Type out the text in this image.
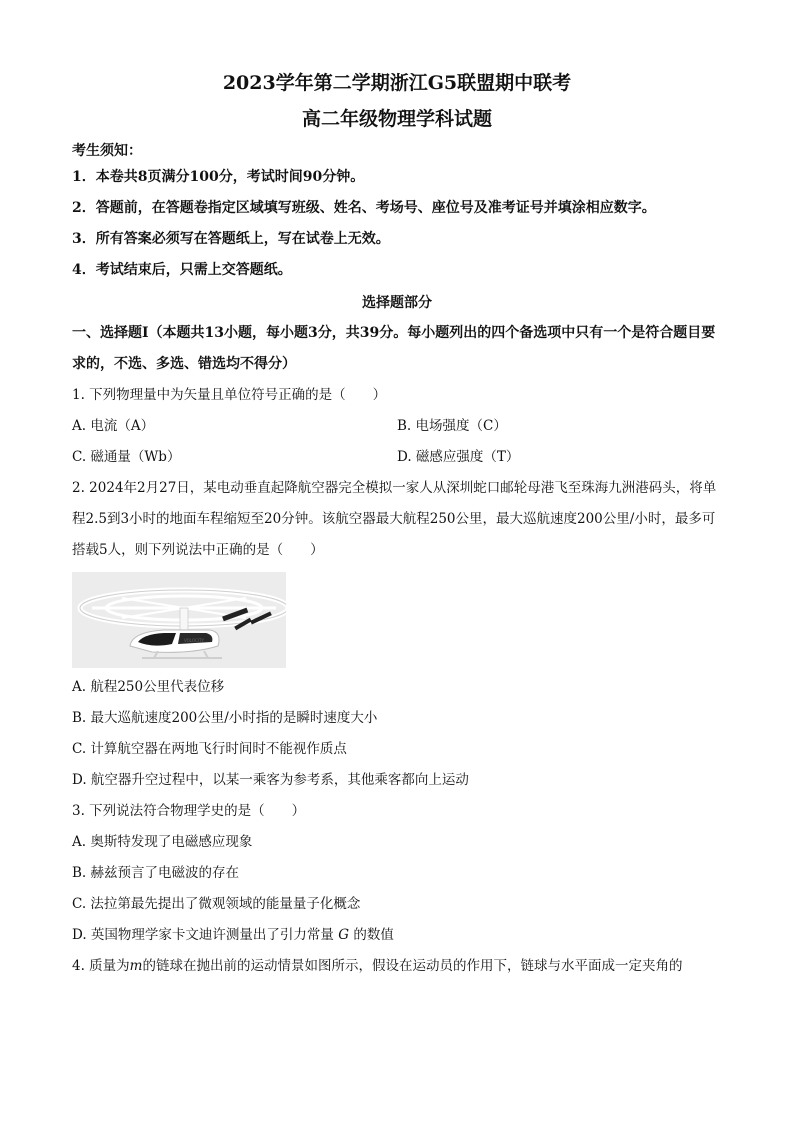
2023学年第二学期浙江G5联盟期中联考
高二年级物理学科试题
考生须知：
1．本卷共8页满分100分，考试时间90分钟。
2．答题前，在答题卷指定区域填写班级、姓名、考场号、座位号及准考证号并填涂相应数字。
3．所有答案必须写在答题纸上，写在试卷上无效。
4．考试结束后，只需上交答题纸。
选择题部分
一、选择题Ⅰ（本题共13小题，每小题3分，共39分。每小题列出的四个备选项中只有一个是符合题目要求的，不选、多选、错选均不得分）
1. 下列物理量中为矢量且单位符号正确的是（　　）
A. 电流（A）	B. 电场强度（C）
C. 磁通量（Wb）	D. 磁感应强度（T）
2. 2024年2月27日，某电动垂直起降航空器完全模拟一家人从深圳蛇口邮轮母港飞至珠海九洲港码头，将单程2.5到3小时的地面车程缩短至20分钟。该航空器最大航程250公里，最大巡航速度200公里/小时，最多可搭载5人，则下列说法中正确的是（　　）
VOLOCITY
A. 航程250公里代表位移
B. 最大巡航速度200公里/小时指的是瞬时速度大小
C. 计算航空器在两地飞行时间时不能视作质点
D. 航空器升空过程中，以某一乘客为参考系，其他乘客都向上运动
3. 下列说法符合物理学史的是（　　）
A. 奥斯特发现了电磁感应现象
B. 赫兹预言了电磁波的存在
C. 法拉第最先提出了微观领域的能量量子化概念
D. 英国物理学家卡文迪许测量出了引力常量 G 的数值
4. 质量为m的链球在抛出前的运动情景如图所示，假设在运动员的作用下，链球与水平面成一定夹角的
